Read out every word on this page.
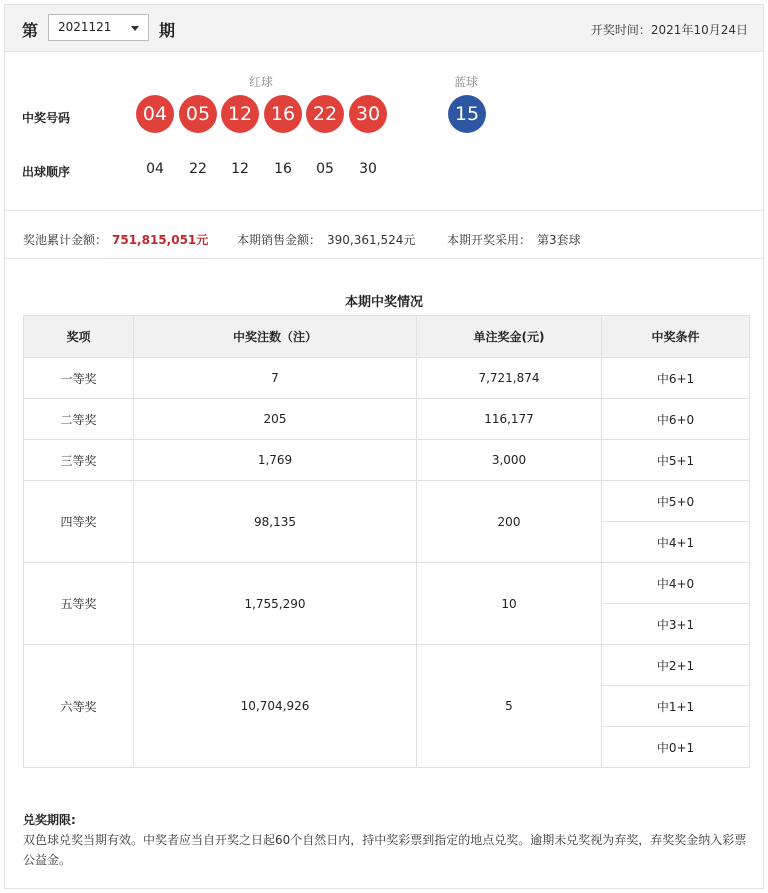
第	2021121	期	开奖时间：2021年10月24日
红球	蓝球
中奖号码	04 05 12 16 22 30	15
出球顺序	04	22	12	16	05	30
奖池累计金额： 751,815,051元 本期销售金额： 390,361,524元	本期开奖采用： 第3套球
本期中奖情况
奖项	中奖注数（注）	单注奖金(元)	中奖条件
一等奖	7	7,721,874	中6+1
二等奖	205	116,177	中6+0
三等奖	1,769	3,000	中5+1
四等奖	98,135	200	中5+0
			中4+1
五等奖	1,755,290	10	中4+0
			中3+1
六等奖	10,704,926	5	中2+1
			中1+1
			中0+1
兑奖期限:
双色球兑奖当期有效。中奖者应当自开奖之日起60个自然日内，持中奖彩票到指定的地点兑奖。逾期未兑奖视为弃奖，弃奖奖金纳入彩票公益金。
